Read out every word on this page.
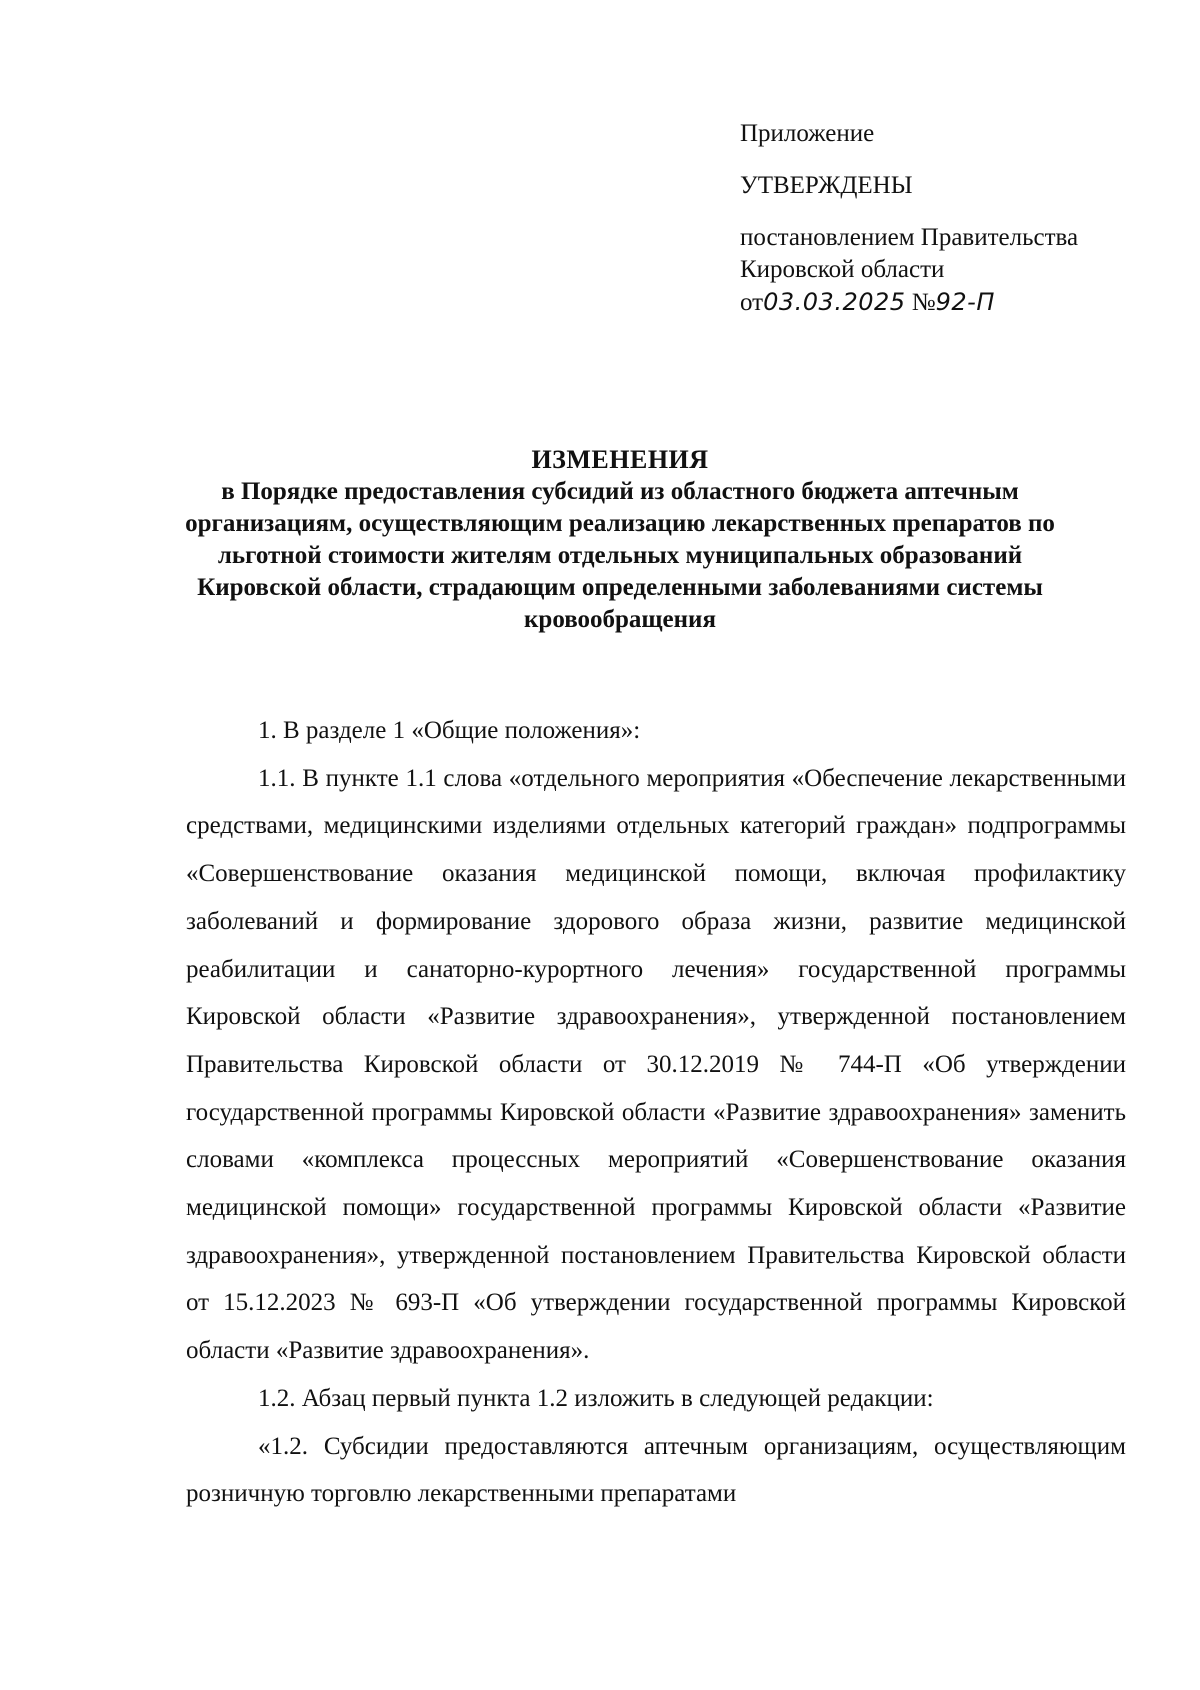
Приложение

УТВЕРЖДЕНЫ

постановлением Правительства

Кировской области

от03.03.2025 №92-П

ИЗМЕНЕНИЯ
в Порядке предоставления субсидий из областного бюджета аптечным организациям, осуществляющим реализацию лекарственных препаратов по льготной стоимости жителям отдельных муниципальных образований Кировской области, страдающим определенными заболеваниями системы кровообращения

1. В разделе 1 «Общие положения»:

1.1. В пункте 1.1 слова «отдельного мероприятия «Обеспечение лекарственными средствами, медицинскими изделиями отдельных категорий граждан» подпрограммы «Совершенствование оказания медицинской помощи, включая профилактику заболеваний и формирование здорового образа жизни, развитие медицинской реабилитации и санаторно-курортного лечения» государственной программы Кировской области «Развитие здравоохранения», утвержденной постановлением Правительства Кировской области от 30.12.2019 № 744-П «Об утверждении государственной программы Кировской области «Развитие здравоохранения» заменить словами «комплекса процессных мероприятий «Совершенствование оказания медицинской помощи» государственной программы Кировской области «Развитие здравоохранения», утвержденной постановлением Правительства Кировской области от 15.12.2023 № 693-П «Об утверждении государственной программы Кировской области «Развитие здравоохранения».

1.2. Абзац первый пункта 1.2 изложить в следующей редакции:

«1.2. Субсидии предоставляются аптечным организациям, осуществляющим розничную торговлю лекарственными препаратами
